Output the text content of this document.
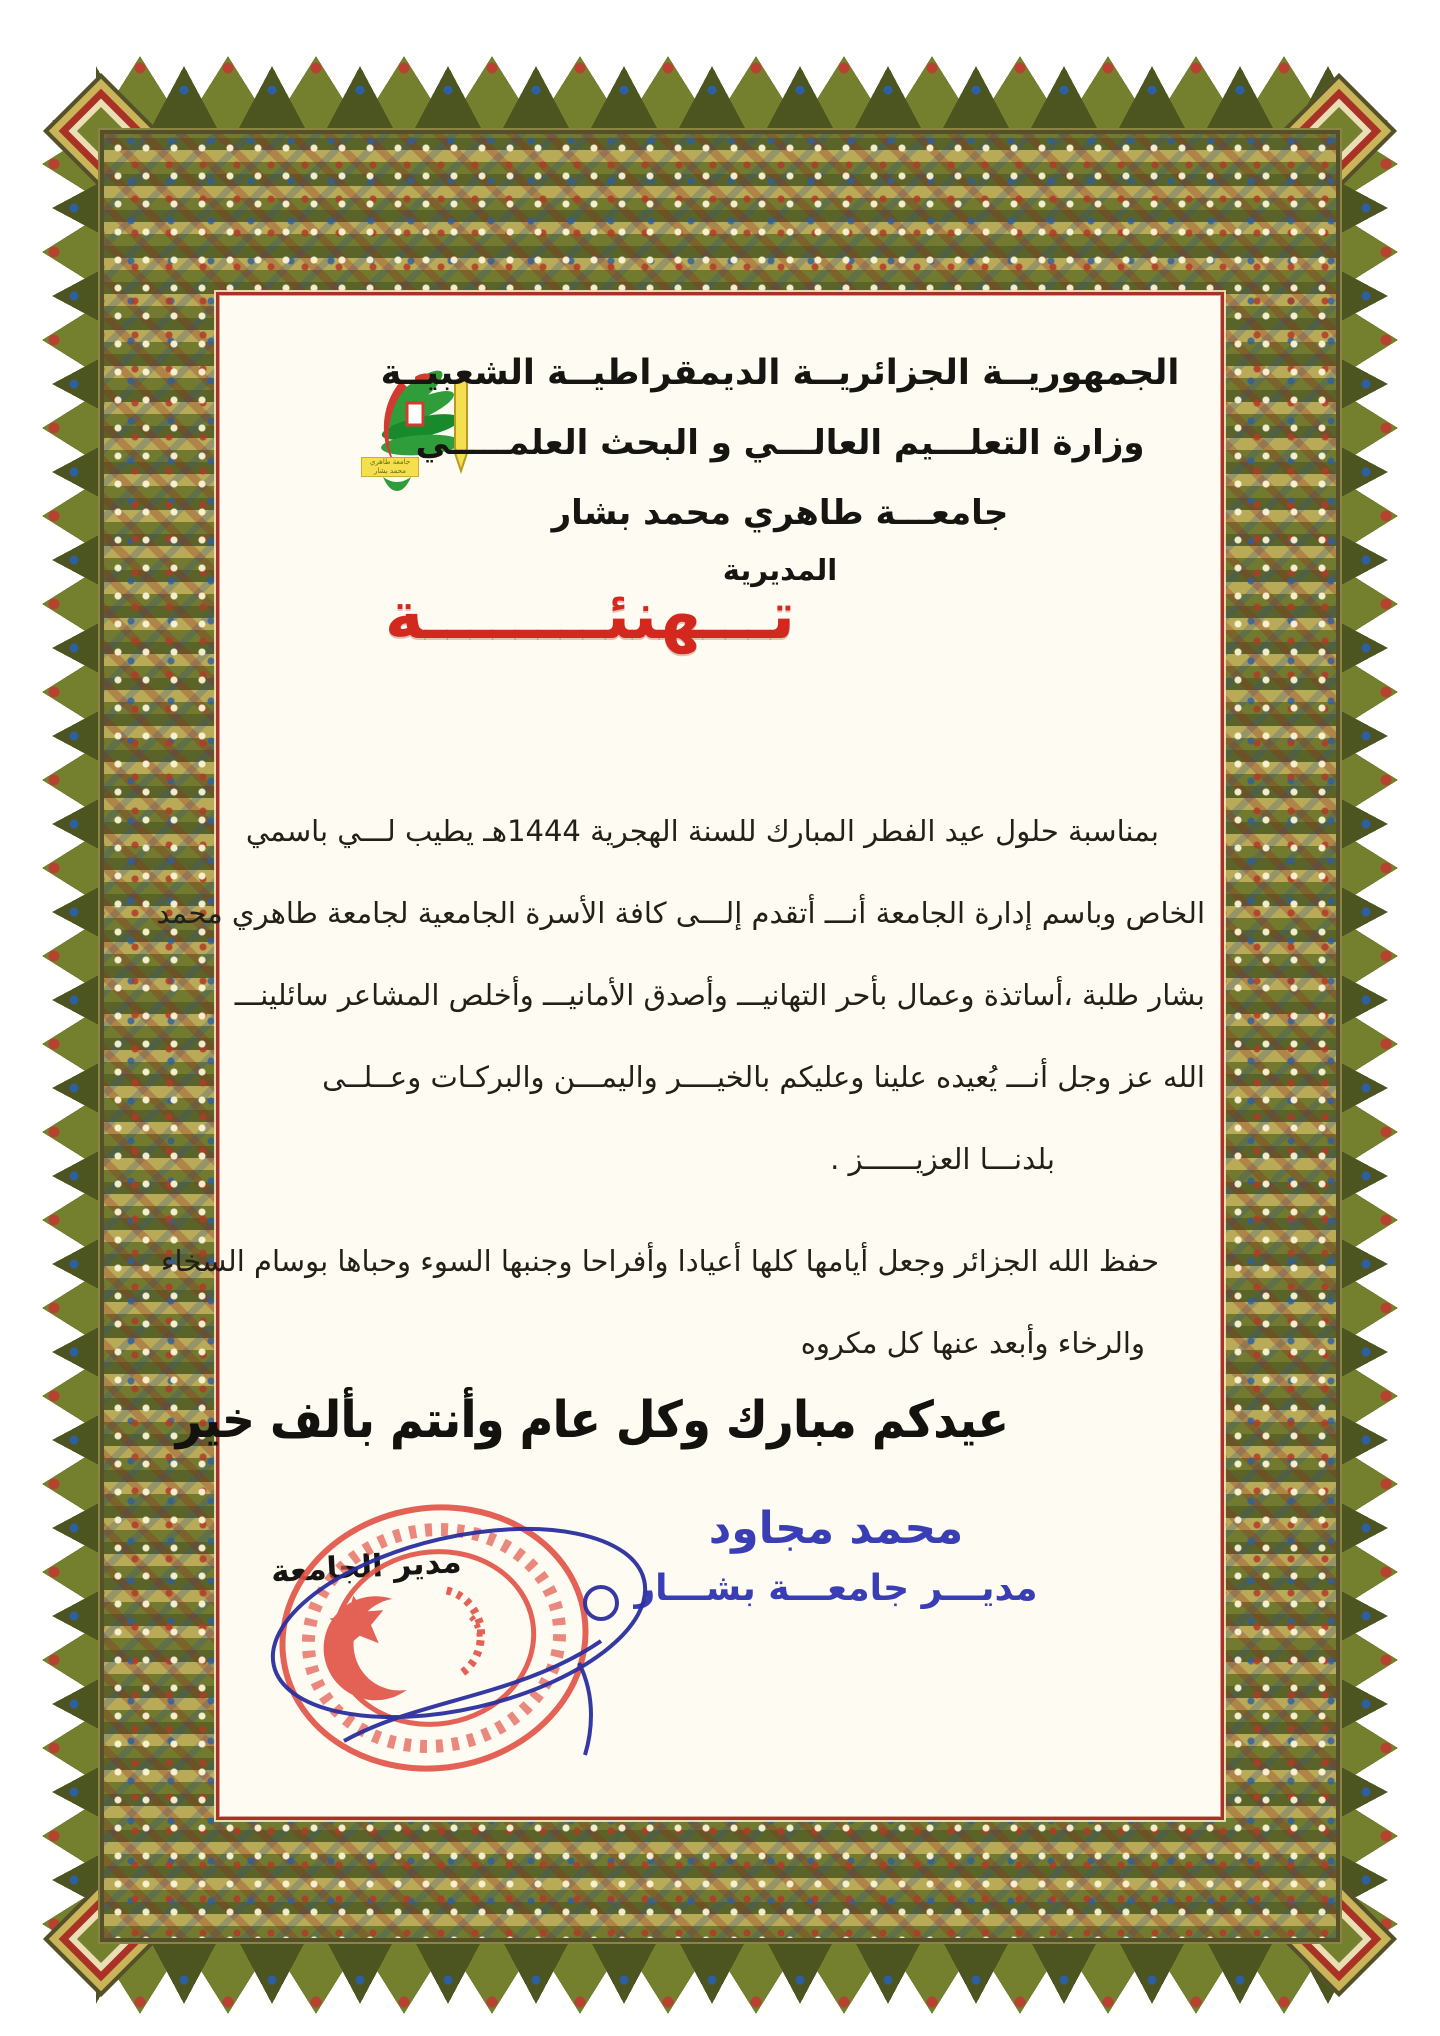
جامعة طاهري محمد بشار
الجمهوريــة الجزائريــة الديمقراطيــة الشعبيــة
وزارة التعلـــيم العالـــي و البحث العلمـــــي
جامعـــة طاهري محمد بشار
المديرية
تـــهنئــــــــة
بمناسبة حلول عيد الفطر المبارك للسنة الهجرية 1444هـ يطيب لـــي باسمي
الخاص وباسم إدارة الجامعة أنـــ أتقدم إلـــى كافة الأسرة الجامعية لجامعة طاهري محمد
بشار طلبة ،أساتذة وعمال بأحر التهانيـــ وأصدق الأمانيـــ وأخلص المشاعر سائلينـــ
الله عز وجل أنـــ يُعيده علينا وعليكم بالخيــــر واليمـــن والبركـات وعــلــى
بلدنـــا العزيــــــز .
حفظ الله الجزائر وجعل أيامها كلها أعيادا وأفراحا وجنبها السوء وحباها بوسام السخاء
والرخاء وأبعد عنها كل مكروه
عيدكم مبارك وكل عام وأنتم بألف خير
محمد مجاود
مديـــر جامعـــة بشـــار
مدير الجامعة
